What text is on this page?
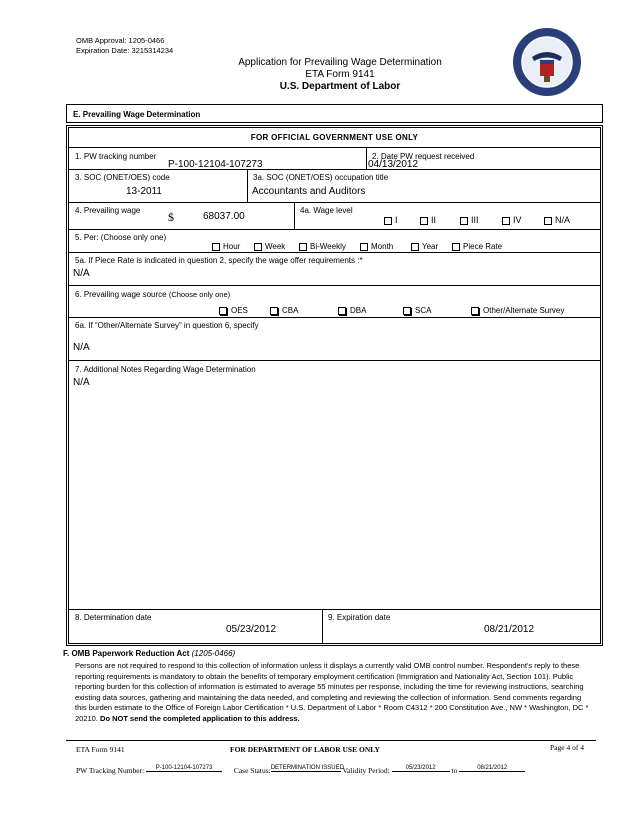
OMB Approval: 1205-0466
Expiration Date: 3215314234
Application for Prevailing Wage Determination
ETA Form 9141
U.S. Department of Labor
E. Prevailing Wage Determination
FOR OFFICIAL GOVERNMENT USE ONLY
1. PW tracking number
P-100-12104-107273
2. Date PW request received
04/13/2012
3. SOC (ONET/OES) code
13-2011
3a. SOC (ONET/OES) occupation title
Accountants and Auditors
4. Prevailing wage $	68037.00
4a. Wage level
I	II	III	IV	N/A
5. Per: (Choose only one)
Hour	Week	Bi-Weekly	Month	Year	Piece Rate
5a. If Piece Rate is indicated in question 2, specify the wage offer requirements :*
N/A
6. Prevailing wage source (Choose only one)
OES	CBA	DBA	SCA	Other/Alternate Survey
6a. If “Other/Alternate Survey” in question 6, specify
N/A
7. Additional Notes Regarding Wage Determination
N/A
8. Determination date
05/23/2012
9. Expiration date
08/21/2012
F. OMB Paperwork Reduction Act (1205-0466)
Persons are not required to respond to this collection of information unless it displays a currently valid OMB control number. Respondent’s reply to these reporting requirements is mandatory to obtain the benefits of temporary employment certification (Immigration and Nationality Act, Section 101). Public reporting burden for this collection of information is estimated to average 55 minutes per response, including the time for reviewing instructions, searching existing data sources, gathering and maintaining the data needed, and completing and reviewing the collection of information. Send comments regarding this burden estimate to the Office of Foreign Labor Certification * U.S. Department of Labor * Room C4312 * 200 Constitution Ave., NW * Washington, DC * 20210. Do NOT send the completed application to this address.
ETA Form 9141	FOR DEPARTMENT OF LABOR USE ONLY	Page 4 of 4
PW Tracking Number: P-100-12104-107273	Case Status:DETERMINATION ISSUED Validity Period:	05/23/2012 to	08/21/2012
